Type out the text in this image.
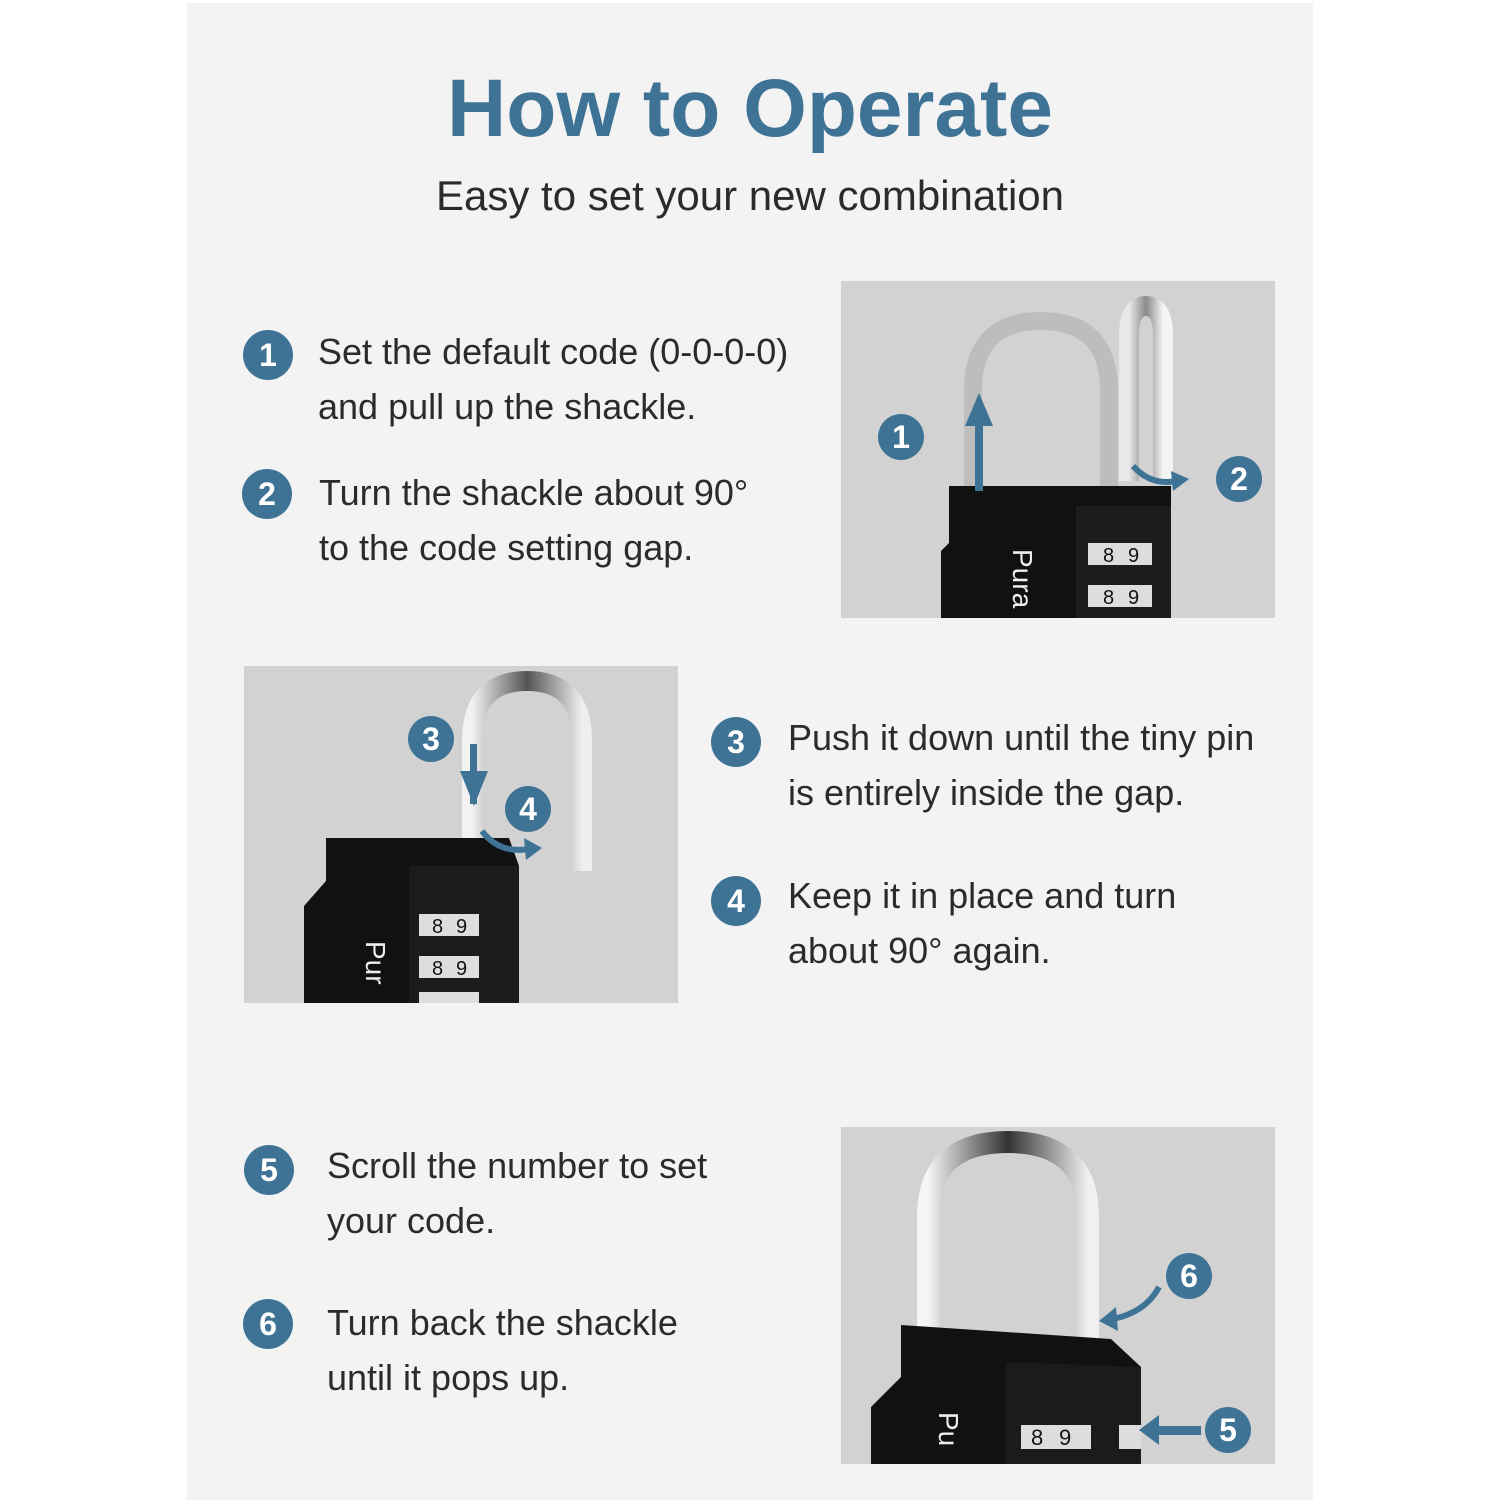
How to Operate
Easy to set your new combination
1	Set the default code (0-0-0-0)
and pull up the shackle.
2	Turn the shackle about 90°
to the code setting gap.
3	Push it down until the tiny pin
is entirely inside the gap.
4	Keep it in place and turn
about 90° again.
5	Scroll the number to set
your code.
6	Turn back the shackle
until it pops up.
8 9
8 9
Pura
1
2
8 9
8 9
Pur
3
4
8 9
Pu
6
5
